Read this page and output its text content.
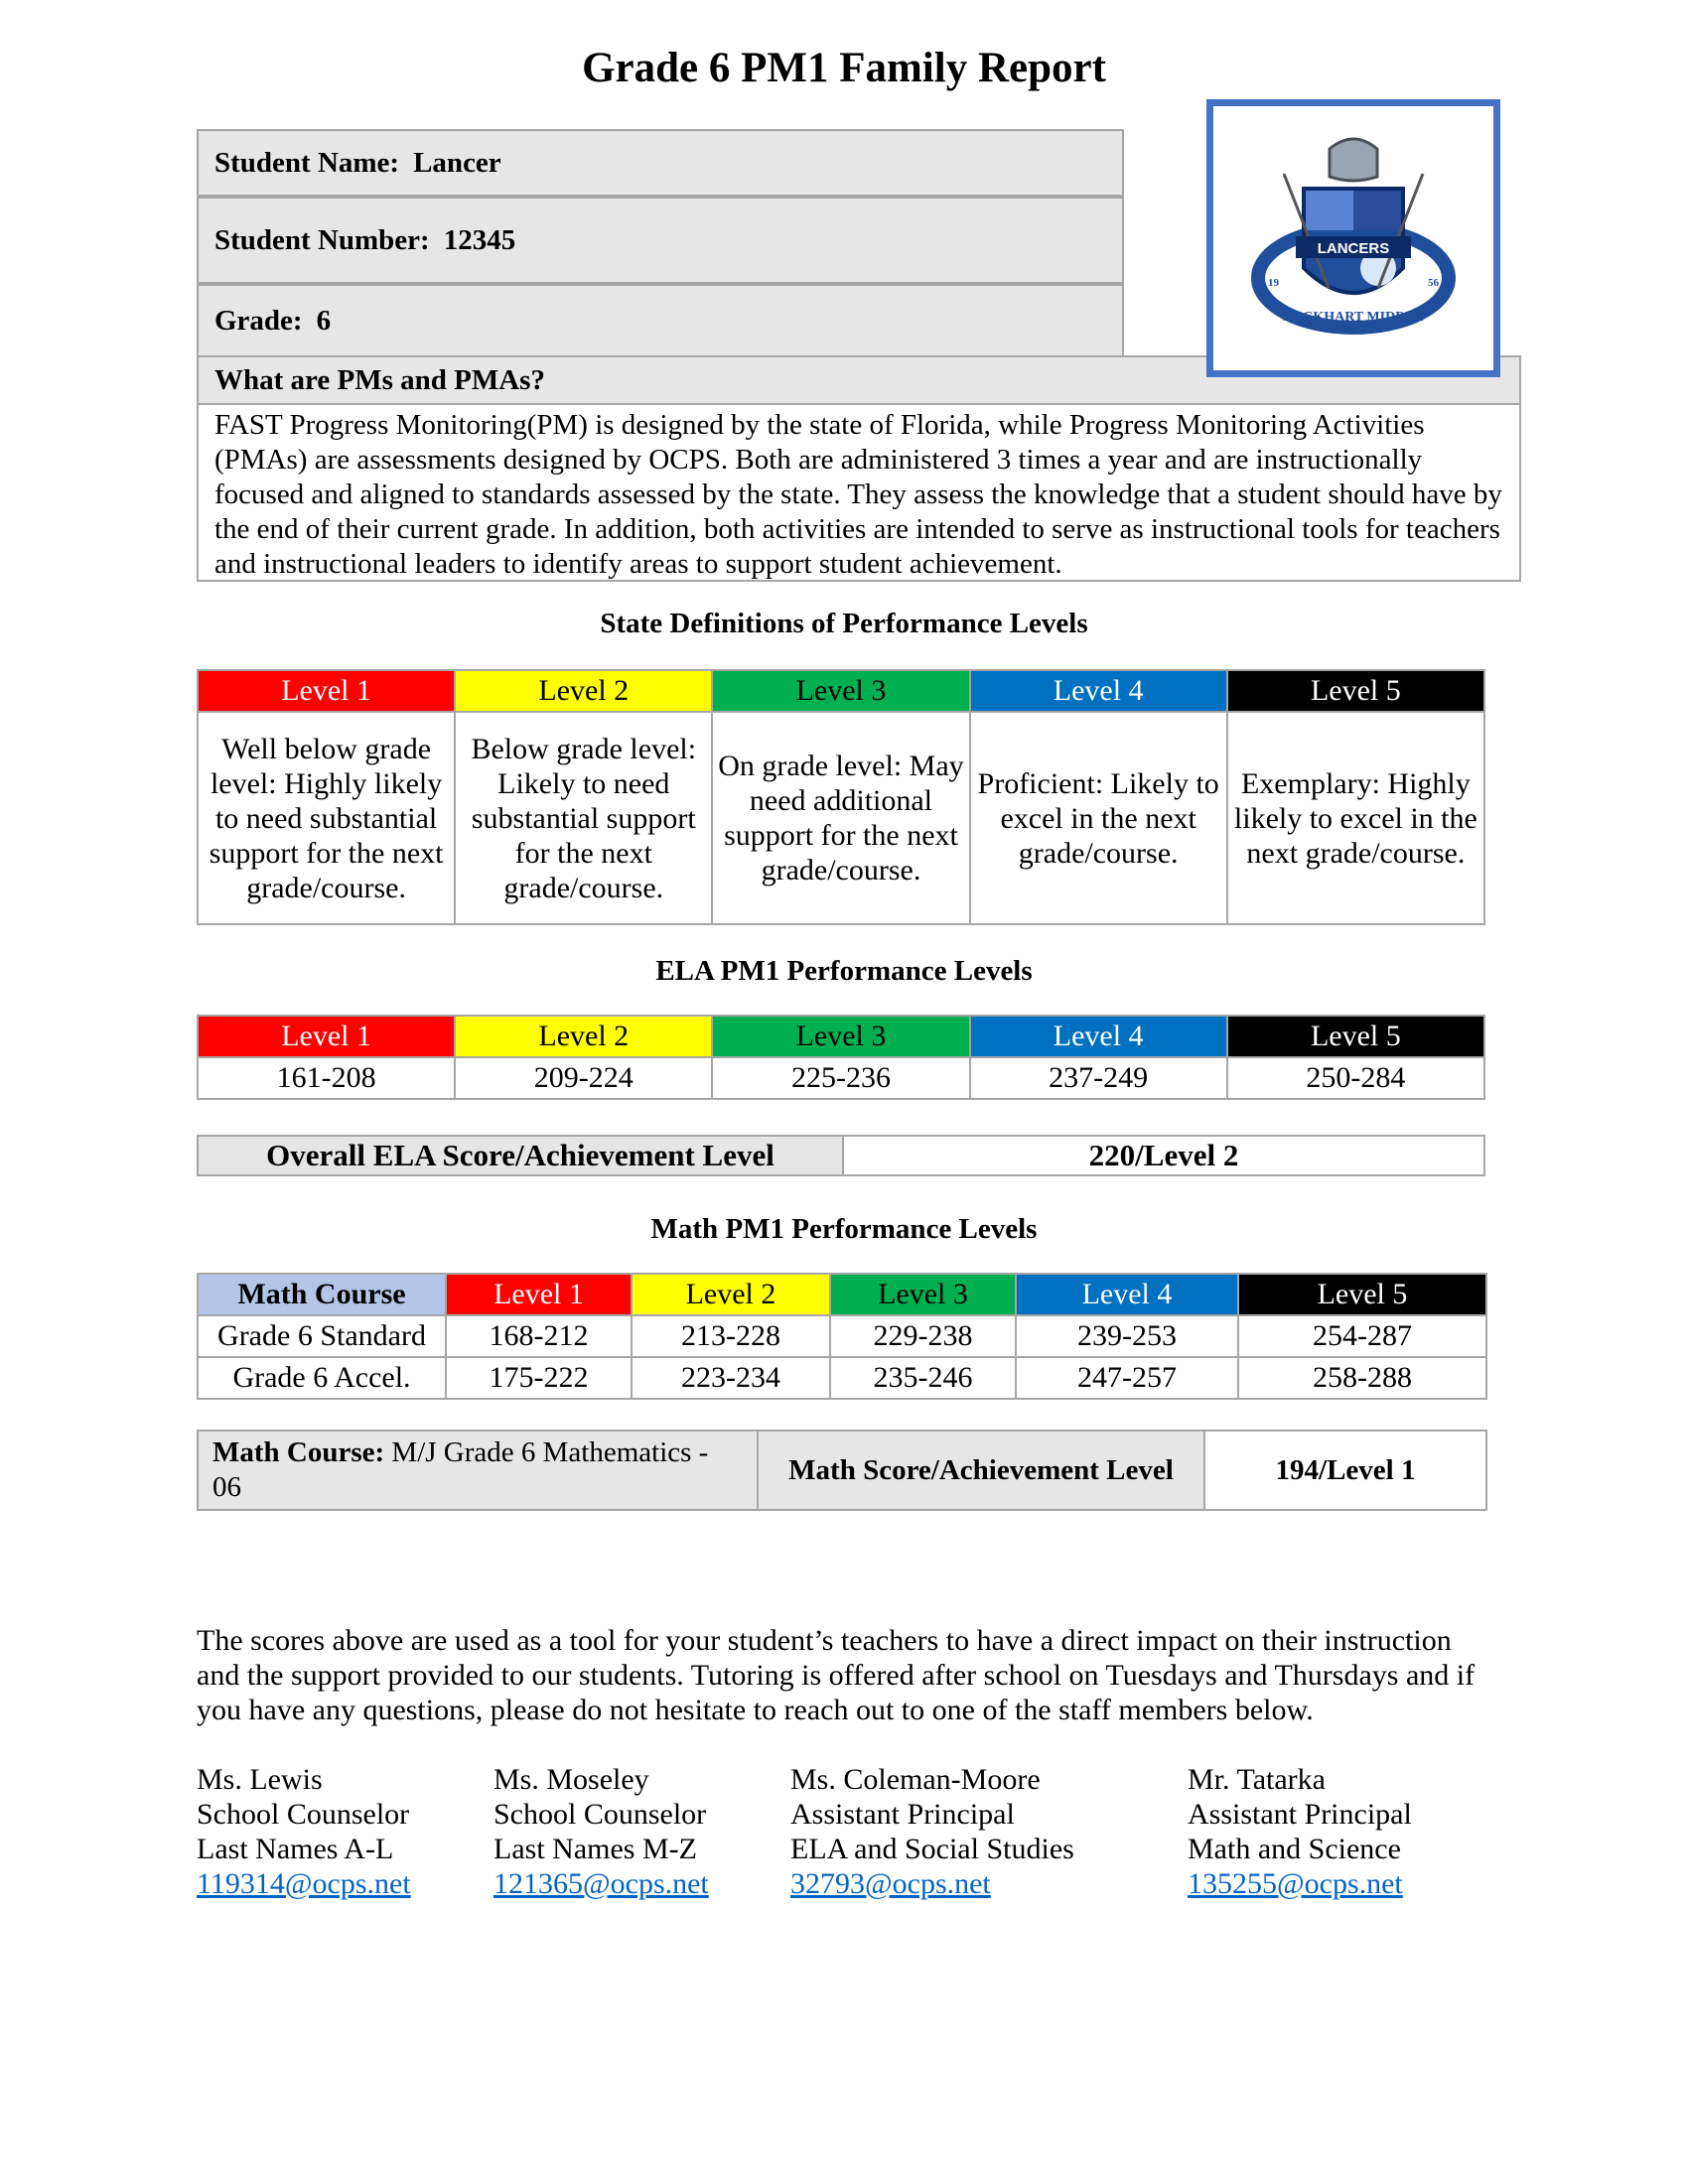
Grade 6 PM1 Family Report
Student Name: Lancer
Student Number: 12345
Grade: 6
What are PMs and PMAs?
FAST Progress Monitoring(PM) is designed by the state of Florida, while Progress Monitoring Activities (PMAs) are assessments designed by OCPS. Both are administered 3 times a year and are instructionally focused and aligned to standards assessed by the state. They assess the knowledge that a student should have by the end of their current grade. In addition, both activities are intended to serve as instructional tools for teachers and instructional leaders to identify areas to support student achievement.
LANCERS
19	56
LOCKHART MIDDLE
State Definitions of Performance Levels
Level 1	Level 2	Level 3	Level 4	Level 5
Well below grade level: Highly likely to need substantial support for the next grade/course.	Below grade level: Likely to need substantial support for the next grade/course.	On grade level: May need additional support for the next grade/course.	Proficient: Likely to excel in the next grade/course.	Exemplary: Highly likely to excel in the next grade/course.
ELA PM1 Performance Levels
Level 1	Level 2	Level 3	Level 4	Level 5
161-208	209-224	225-236	237-249	250-284
Overall ELA Score/Achievement Level	220/Level 2
Math PM1 Performance Levels
Math Course	Level 1	Level 2	Level 3	Level 4	Level 5
Grade 6 Standard	168-212	213-228	229-238	239-253	254-287
Grade 6 Accel.	175-222	223-234	235-246	247-257	258-288
Math Course: M/J Grade 6 Mathematics - 06	Math Score/Achievement Level	194/Level 1
The scores above are used as a tool for your student’s teachers to have a direct impact on their instruction and the support provided to our students. Tutoring is offered after school on Tuesdays and Thursdays and if you have any questions, please do not hesitate to reach out to one of the staff members below.
Ms. Lewis
School Counselor
Last Names A-L
119314@ocps.net
Ms. Moseley
School Counselor
Last Names M-Z
121365@ocps.net
Ms. Coleman-Moore
Assistant Principal
ELA and Social Studies
32793@ocps.net
Mr. Tatarka
Assistant Principal
Math and Science
135255@ocps.net
